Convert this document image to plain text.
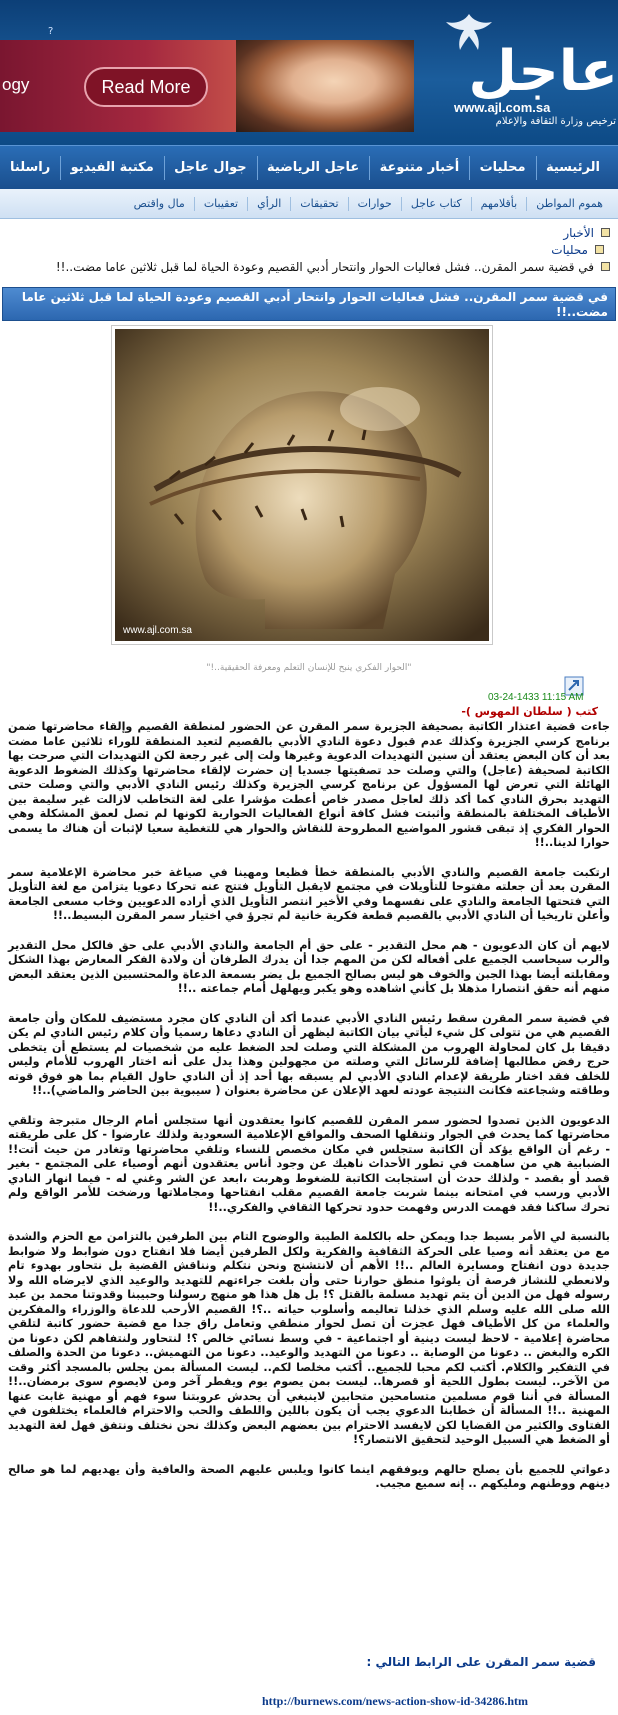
?
ogy	Read More	عاجل
www.ajl.com.sa
ترخيص وزارة الثقافة والإعلام
الرئيسية
محليات
أخبار متنوعة
عاجل الرياضية
جوال عاجل
مكتبة الفيديو
راسلنا
هموم المواطن
بأقلامهم
كتاب عاجل
حوارات
تحقيقات
الرأي
تعقيبات
مال واقتص
الأخبار
محليات
في قضية سمر المقرن.. فشل فعاليات الحوار وانتحار أدبي القصيم وعودة الحياة لما قبل ثلاثين عاما مضت..!!
في قضية سمر المقرن.. فشل فعاليات الحوار وانتحار أدبي القصيم وعودة الحياة لما قبل ثلاثين عاما مضت..!!
www.ajl.com.sa
"الحوار الفكري ينبح للإنسان التعلم ومعرفة الحقيقية..!"
03-24-1433 11:15 AM
كتب ( سلطان المهوس )-

جاءت قضية اعتذار الكاتبة بصحيفة الجزيرة سمر المقرن عن الحضور لمنطقة القصيم وإلقاء محاضرتها ضمن برنامج كرسي الجزيرة وكذلك عدم قبول دعوة النادي الأدبي بالقصيم لتعيد المنطقة للوراء ثلاثين عاما مضت بعد أن كان البعض يعتقد أن سنين التهديدات الدعوية وغيرها ولت إلى غير رجعة لكن التهديدات التي صرحت بها الكاتبة لصحيفة (عاجل) والتي وصلت حد تصفيتها جسديا إن حضرت لإلقاء محاضرتها وكذلك الضغوط الدعوية الهائلة التي تعرض لها المسؤول عن برنامج كرسي الجزيرة وكذلك رئيس النادي الأدبي والتي وصلت حتى التهديد بحرق النادي كما أكد ذلك لعاجل مصدر خاص أعطت مؤشرا على لغة التخاطب لازالت غير سليمة بين الأطياف المختلفة بالمنطقة وأثبتت فشل كافة أنواع الفعاليات الحوارية لكونها لم تصل لعمق المشكلة وهي الحوار الفكري إذ تبقى قشور المواضيع المطروحة للنقاش والحوار هي للتغطية سعيا لإثبات أن هناك ما يسمى حوارا لدينا..!!

ارتكبت جامعة القصيم والنادي الأدبي بالمنطقة خطأ فظيعا ومهينا في صياغة خبر محاضرة الإعلامية سمر المقرن بعد أن جعلته مفتوحا للتأويلات في مجتمع لايقبل التأويل فتتج عنه تحركا دعويا يتزامن مع لغة التأويل التي فتحتها الجامعة والنادي على نفسهما وفي الأخير انتصر التأويل الذي أراده الدعويين وخاب مسعى الجامعة وأعلن تاريخيا أن النادي الأدبي بالقصيم قطعة فكرية خانية لم تجرؤ في اختيار سمر المقرن البسيط..!!

لايهم أن كان الدعويون - هم محل التقدير - على حق أم الجامعة والنادي الأدبي على حق فالكل محل التقدير والرب سيحاسب الجميع على أفعاله لكن من المهم جدا أن يدرك الطرفان أن ولادة الفكر المعارض بهذا الشكل ومقابلته أيضا بهذا الجبن والخوف هو ليس بصالح الجميع بل يضر بسمعة الدعاة والمحتسبين الذين يعتقد البعض منهم أنه حقق انتصارا مذهلا بل كأني اشاهده وهو يكبر ويهلهل أمام جماعته ..!!

في قضية سمر المقرن سقط رئيس النادي الأدبي عندما أكد أن النادي كان مجرد مستضيف للمكان وأن جامعة القصيم هي من تتولى كل شيء ليأتي بيان الكاتبة ليظهر أن النادي دعاها رسميا وأن كلام رئيس النادي لم يكن دقيقا بل كان لمحاولة الهروب من المشكلة التي وصلت لحد الضغط عليه من شخصيات لم يستطع أن يتخطى حرج رفض مطالبها إضافة للرسائل التي وصلته من مجهولين وهذا يدل على أنه اختار الهروب للأمام وليس للخلف فقد اختار طريقة لإعدام النادي الأدبي لم يسبقه بها أحد إذ أن النادي حاول القيام بما هو فوق قوته وطاقته وشجاعته فكانت النتيجة عودته لعهد الإعلان عن محاضرة بعنوان ( سيبوية بين الحاضر والماضي)..!!

الدعويون الذين تصدوا لحضور سمر المقرن للقصيم كانوا يعتقدون أنها ستجلس أمام الرجال متبرجة وتلقي محاضرتها كما يحدث في الجوار وتنقلها الصحف والمواقع الإعلامية السعودية ولذلك عارضوا - كل على طريقته - رغم أن الواقع يؤكد أن الكاتبة ستجلس في مكان مخصص للنساء وتلقي محاضرتها وتغادر من حيث أتت!! الضبابية هي من ساهمت في تطور الأحداث ناهيك عن وجود أناس يعتقدون أنهم أوصياء على المجتمع - بغير قصد أو بقصد - ولذلك حدث أن استجابت الكاتبة للضغوط وهربت ،ابعد عن الشر وغني له - فيما انهار النادي الأدبي ورسب في امتحانه بينما شربت جامعة القصيم مقلب انفتاحها ومجاملاتها ورضخت للأمر الواقع ولم تحرك ساكنا فقد فهمت الدرس وفهمت حدود تحركها الثقافي والفكري..!!

بالنسبة لي الأمر بسيط جدا ويمكن حله بالكلمة الطيبة والوضوح التام بين الطرفين بالتزامن مع الحزم والشدة مع من يعتقد أنه وصيا على الحركة الثقافية والفكرية ولكل الطرفين أيضا فلا انفتاح دون ضوابط ولا ضوابط جديدة دون انفتاح ومسايرة العالم ..!! الأهم أن لانتشنج ونحن نتكلم ونناقش القضية بل نتحاور بهدوء تام ولانعطي للنشاز فرصة أن يلوثوا منطق حوارنا حتى وأن بلغت جراءتهم للتهديد والوعيد الذي لايرضاه الله ولا رسوله فهل من الدين أن يتم تهديد مسلمة بالقتل ؟! بل هل هذا هو منهج رسولنا وحبيبنا وقدوتنا محمد بن عبد الله صلى الله عليه وسلم الذي خذلنا تعاليمه وأسلوب حياته ..؟! القصيم الأرحب للدعاة والوزراء والمفكرين والعلماء من كل الأطياف فهل عجزت أن تصل لحوار منطقي وتعامل راق جدا مع قضية حضور كاتبة لتلقي محاضرة إعلامية - لاحظ ليست دينية أو اجتماعية - في وسط نسائي خالص ؟! لنتحاور ولنتفاهم لكن دعونا من الكره والبغض .. دعونا من الوصاية .. دعونا من التهديد والوعيد.. دعونا من التهميش.. دعونا من الحدة والصلف في التفكير والكلام. أكتب لكم محبا للجميع.. أكتب مخلصا لكم.. ليست المسألة بمن يجلس بالمسجد أكثر وقت من الآخر.. ليست بطول اللحية أو قصرها.. ليست بمن يصوم يوم ويفطر آخر ومن لايصوم سوى برمضان..!! المسألة في أننا قوم مسلمين متسامحين متحابين لاينبغي أن يحدش عروبتنا سوء فهم أو مهنية غابت عنها المهنية ..!! المسألة أن خطابنا الدعوي يجب أن يكون باللين واللطف والحب والاحترام فالعلماء يختلفون في الفتاوى والكثير من القضايا لكن لايفسد الاحترام بين بعضهم البعض وكذلك نحن نختلف ونتفق فهل لغة التهديد أو الضغط هي السبيل الوحيد لتحقيق الانتصار؟!

دعواتي للجميع بأن يصلح حالهم ويوفقهم اينما كانوا ويلبس عليهم الصحة والعافية وأن يهديهم لما هو صالح دينهم ووطنهم ومليكهم .. إنه سميع مجيب.

قضية سمر المقرن على الرابط التالي :
http://burnews.com/news-action-show-id-34286.htm
